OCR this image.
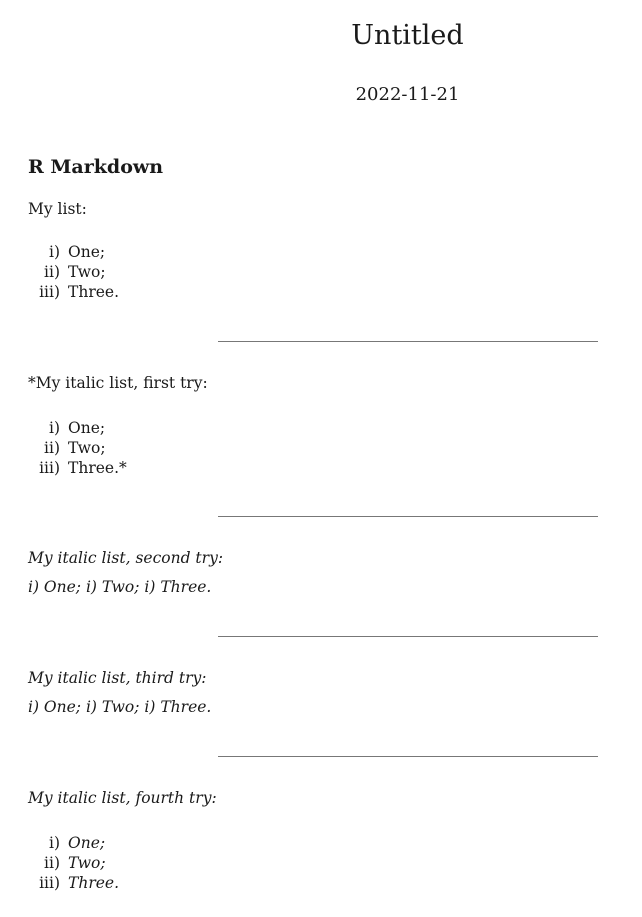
Untitled
2022-11-21
R Markdown
My list:
i) One;
ii) Two;
iii) Three.
*My italic list, first try:
i) One;
ii) Two;
iii) Three.*
My italic list, second try:
i) One; i) Two; i) Three.
My italic list, third try:
i) One; i) Two; i) Three.
My italic list, fourth try:
i) One;
ii) Two;
iii) Three.
